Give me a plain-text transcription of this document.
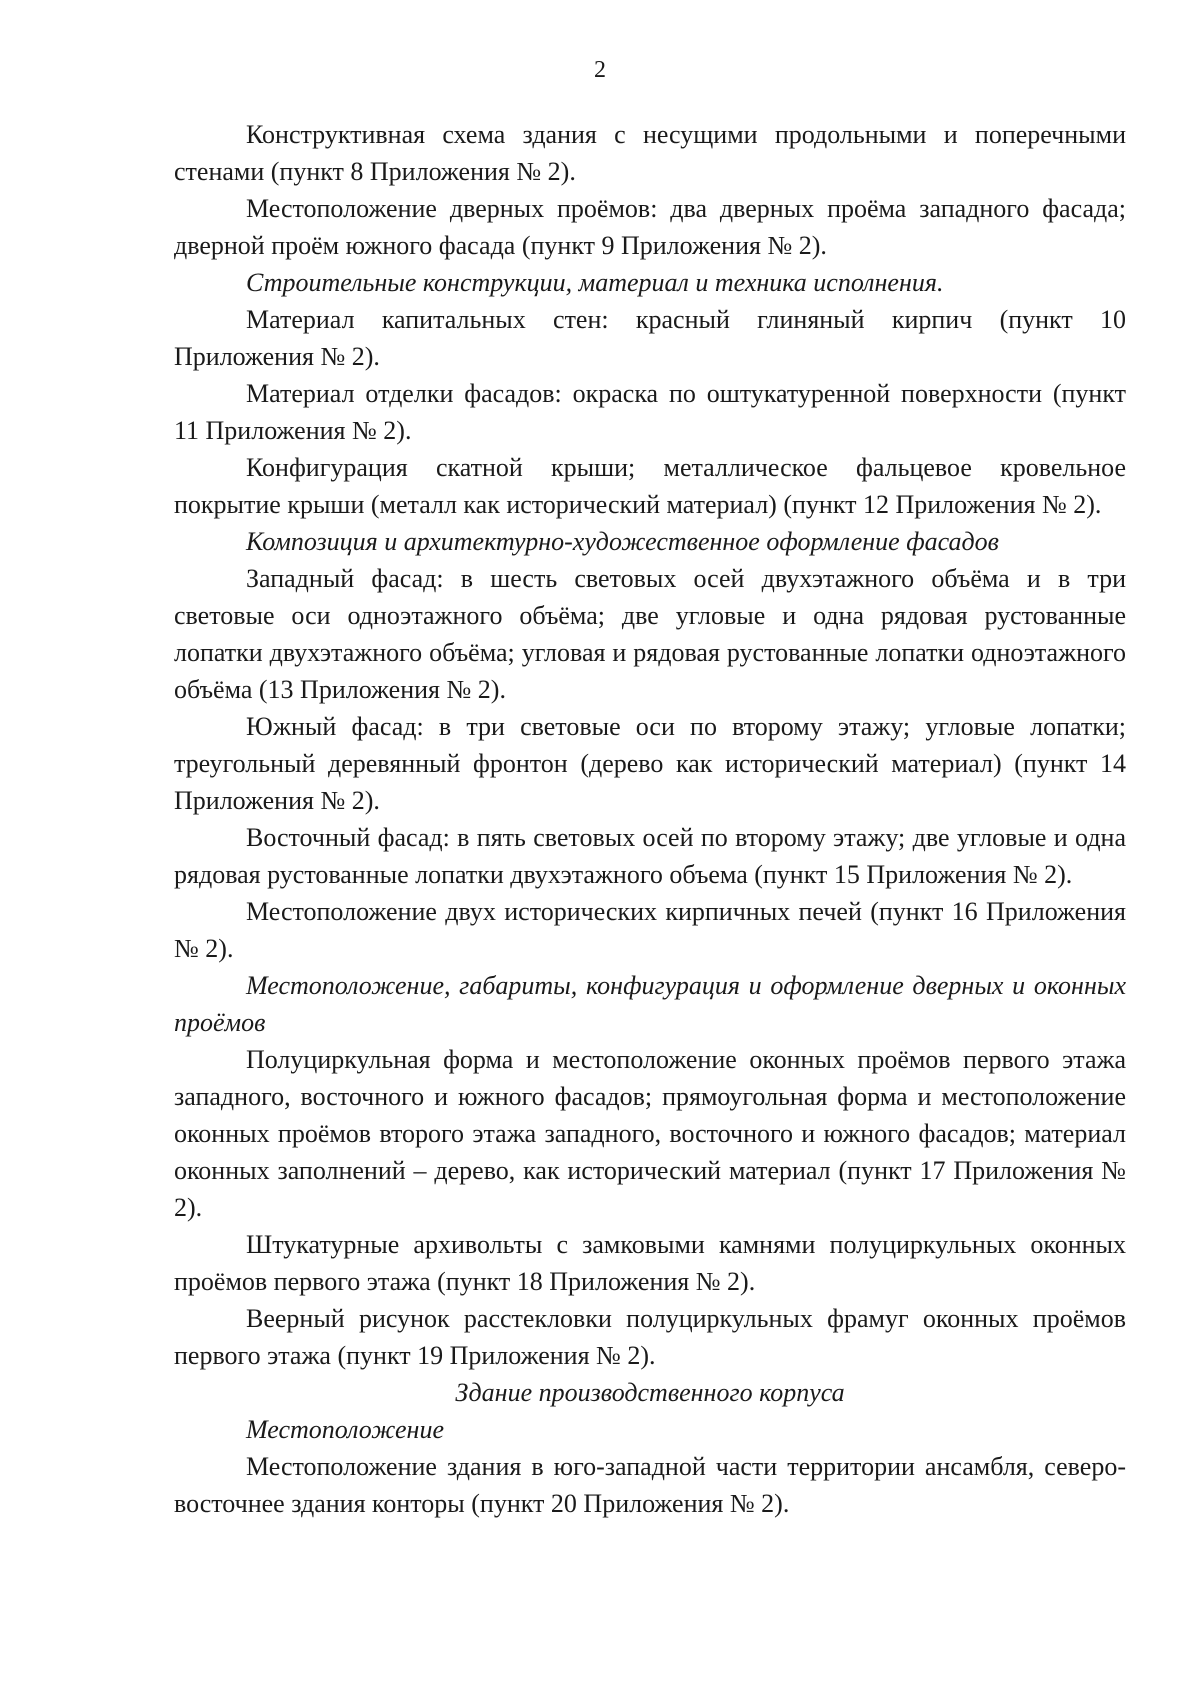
2

Конструктивная схема здания с несущими продольными и поперечными стенами (пункт 8 Приложения № 2).

Местоположение дверных проёмов: два дверных проёма западного фасада; дверной проём южного фасада (пункт 9 Приложения № 2).

Строительные конструкции, материал и техника исполнения.

Материал капитальных стен: красный глиняный кирпич (пункт 10 Приложения № 2).

Материал отделки фасадов: окраска по оштукатуренной поверхности (пункт 11 Приложения № 2).

Конфигурация скатной крыши; металлическое фальцевое кровельное покрытие крыши (металл как исторический материал) (пункт 12 Приложения № 2).

Композиция и архитектурно-художественное оформление фасадов

Западный фасад: в шесть световых осей двухэтажного объёма и в три световые оси одноэтажного объёма; две угловые и одна рядовая рустованные лопатки двухэтажного объёма; угловая и рядовая рустованные лопатки одноэтажного объёма (13 Приложения № 2).

Южный фасад: в три световые оси по второму этажу; угловые лопатки; треугольный деревянный фронтон (дерево как исторический материал) (пункт 14 Приложения № 2).

Восточный фасад: в пять световых осей по второму этажу; две угловые и одна рядовая рустованные лопатки двухэтажного объема (пункт 15 Приложения № 2).

Местоположение двух исторических кирпичных печей (пункт 16 Приложения № 2).

Местоположение, габариты, конфигурация и оформление дверных и оконных проёмов

Полуциркульная форма и местоположение оконных проёмов первого этажа западного, восточного и южного фасадов; прямоугольная форма и местоположение оконных проёмов второго этажа западного, восточного и южного фасадов; материал оконных заполнений – дерево, как исторический материал (пункт 17 Приложения № 2).

Штукатурные архивольты с замковыми камнями полуциркульных оконных проёмов первого этажа (пункт 18 Приложения № 2).

Веерный рисунок расстекловки полуциркульных фрамуг оконных проёмов первого этажа (пункт 19 Приложения № 2).

Здание производственного корпуса

Местоположение

Местоположение здания в юго-западной части территории ансамбля, северо-восточнее здания конторы (пункт 20 Приложения № 2).
